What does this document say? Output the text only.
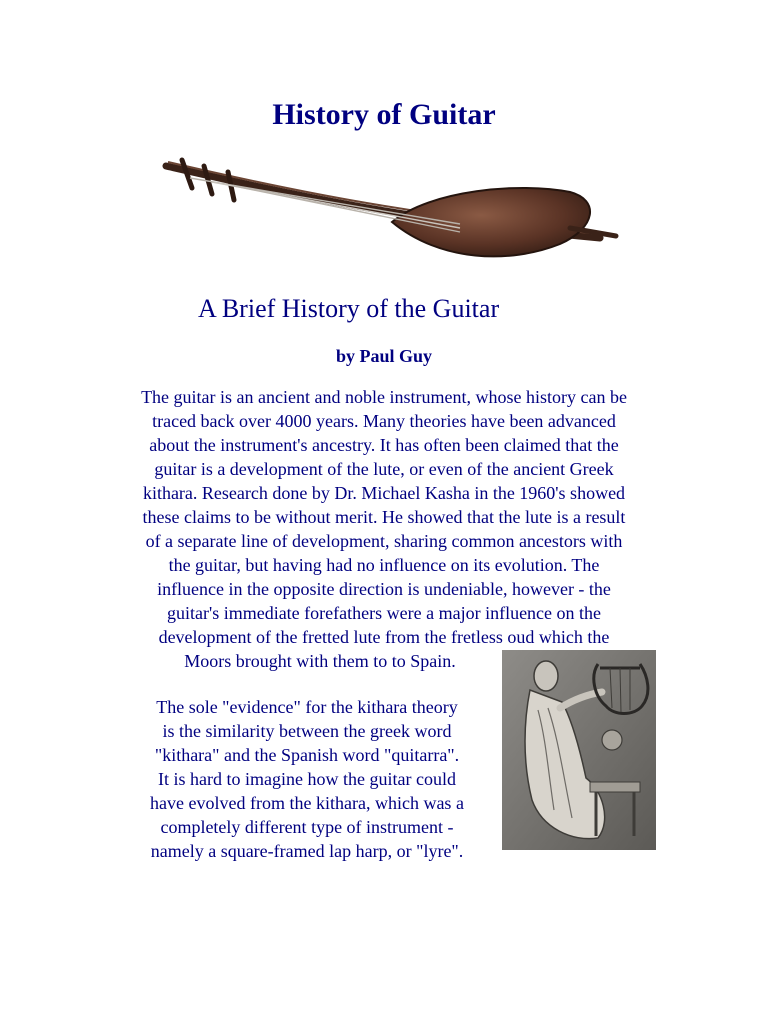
History of Guitar
A Brief History of the Guitar
by Paul Guy

The guitar is an ancient and noble instrument, whose history can be
traced back over 4000 years. Many theories have been advanced
about the instrument's ancestry. It has often been claimed that the
guitar is a development of the lute, or even of the ancient Greek
kithara. Research done by Dr. Michael Kasha in the 1960's showed
these claims to be without merit. He showed that the lute is a result
of a separate line of development, sharing common ancestors with
the guitar, but having had no influence on its evolution. The
influence in the opposite direction is undeniable, however - the
guitar's immediate forefathers were a major influence on the
development of the fretted lute from the fretless oud which the

Moors brought with them to to Spain.

The sole "evidence" for the kithara theory
is the similarity between the greek word
"kithara" and the Spanish word "quitarra".
It is hard to imagine how the guitar could
have evolved from the kithara, which was a
completely different type of instrument -
namely a square-framed lap harp, or "lyre".
